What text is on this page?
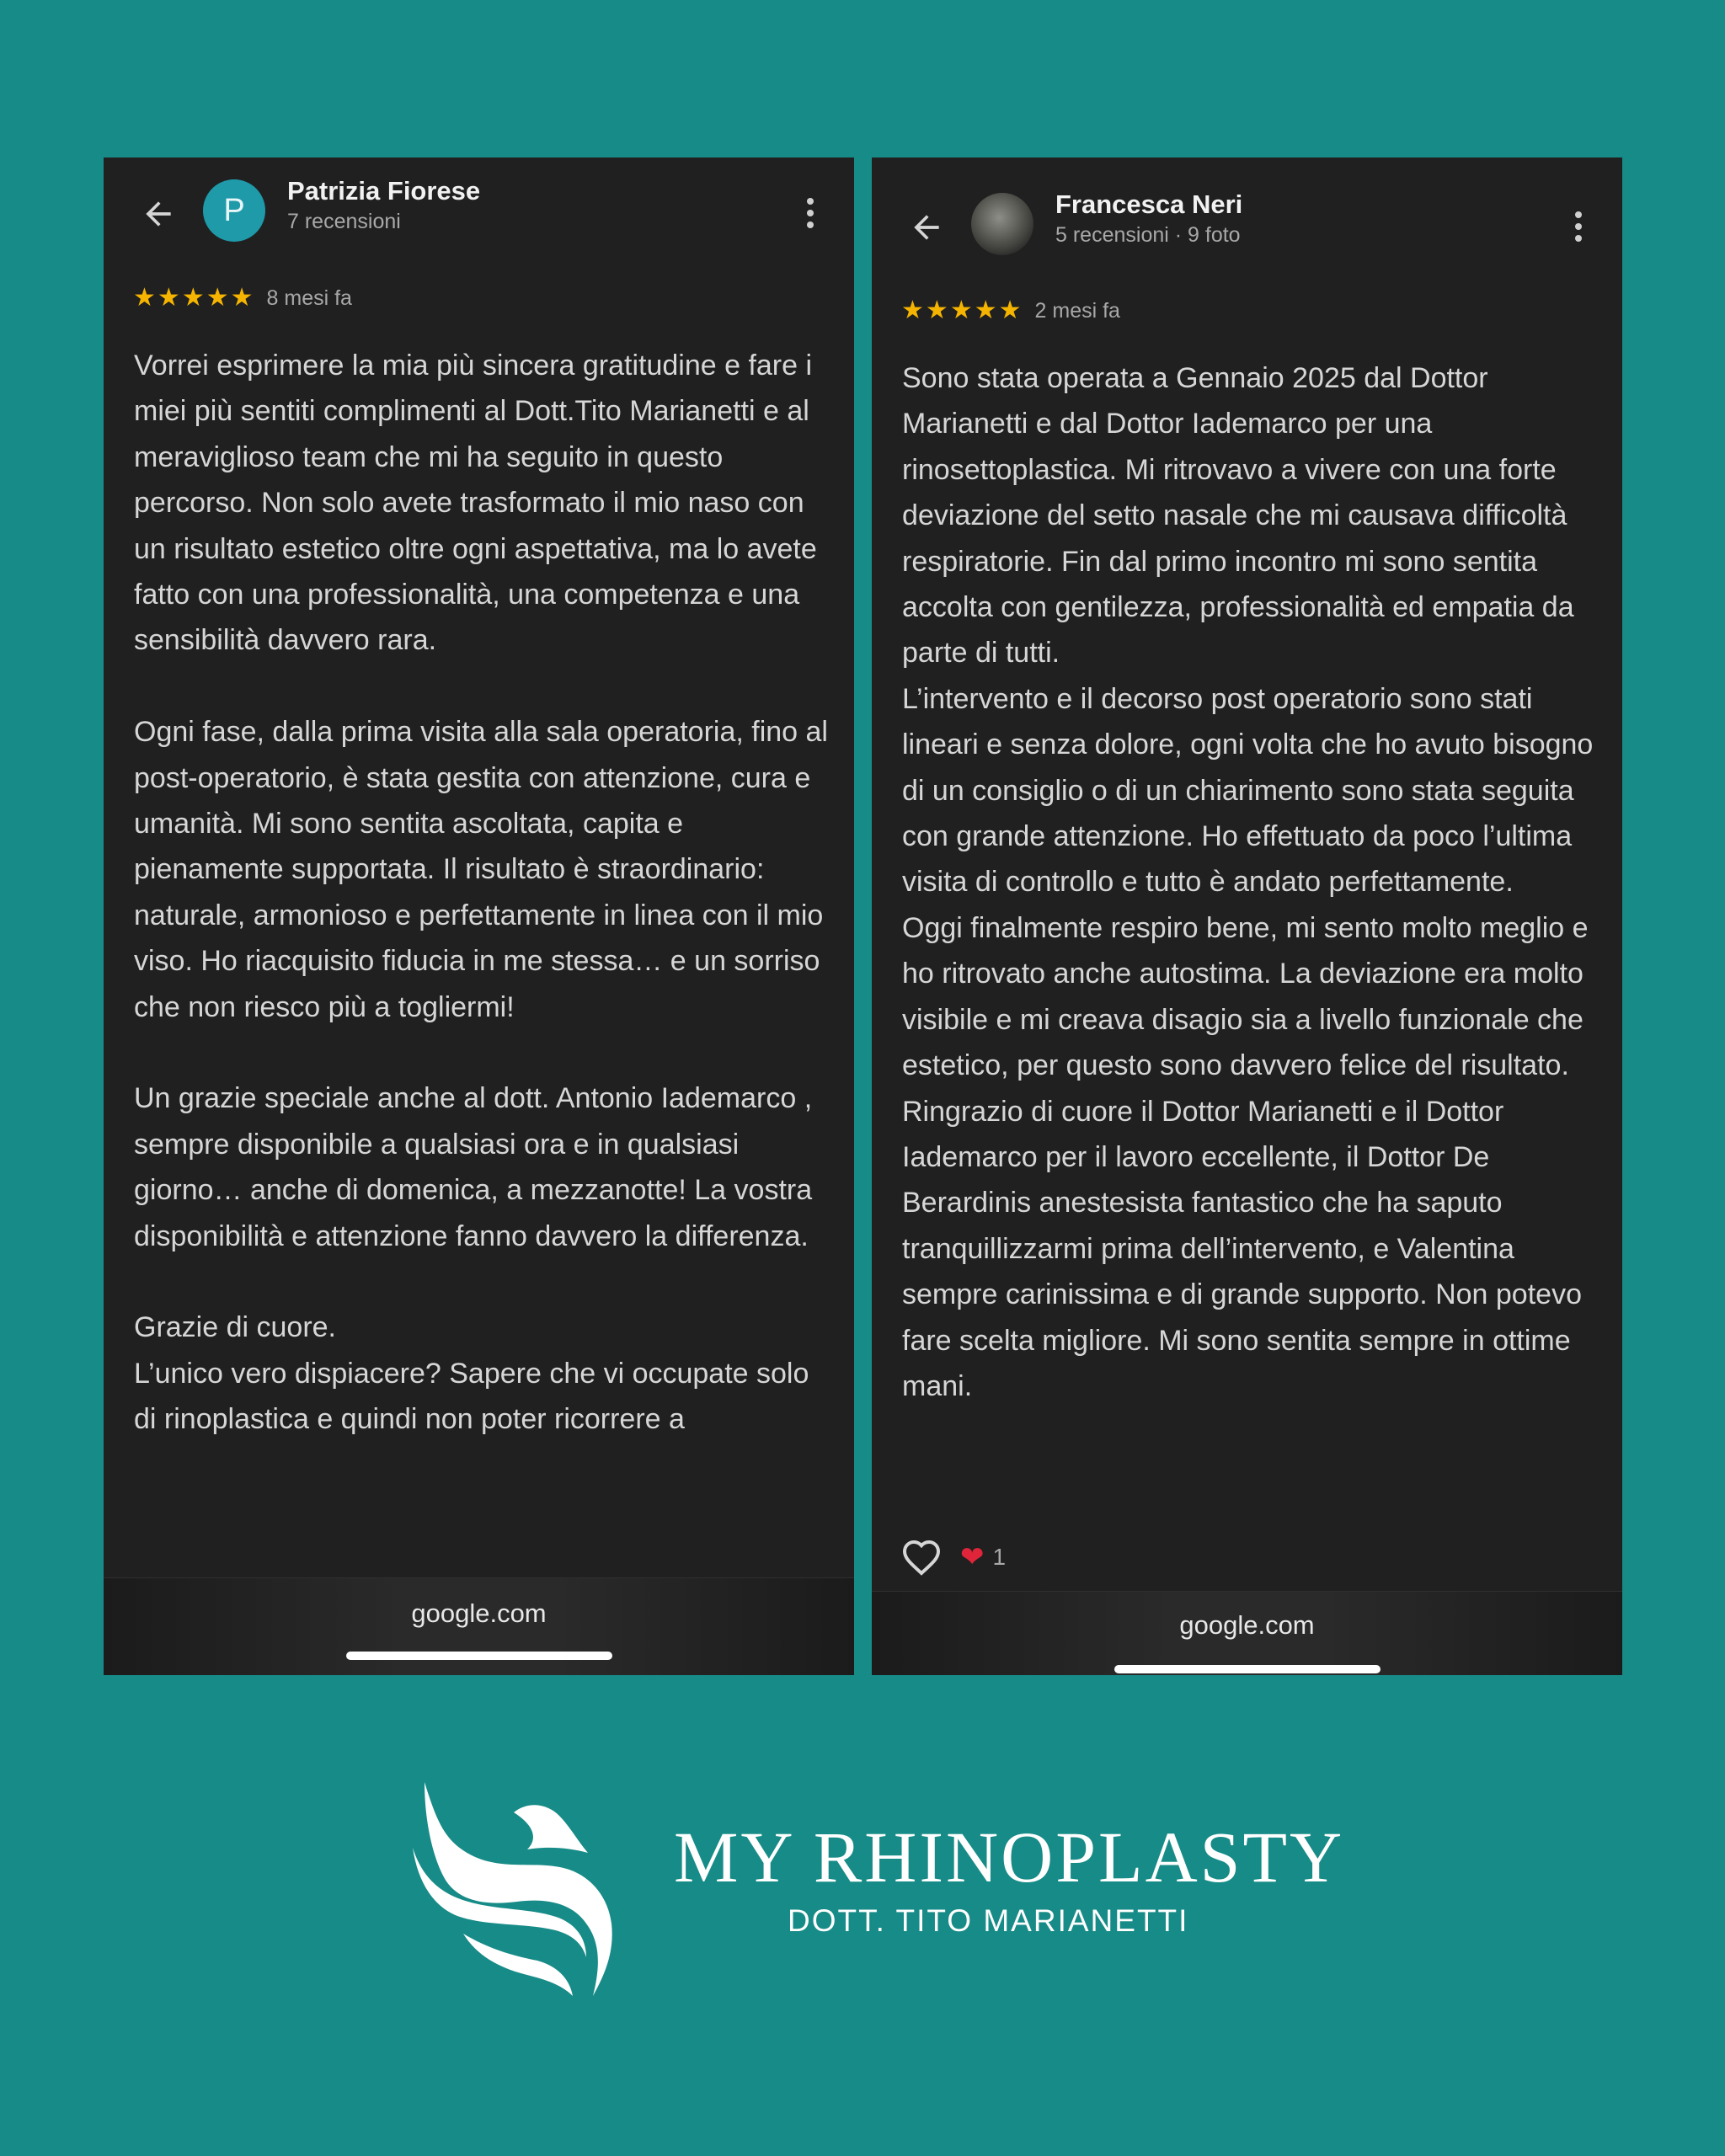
P
Patrizia Fiorese
7 recensioni
★ ★ ★ ★ ★ 8 mesi fa

Vorrei esprimere la mia più sincera gratitudine e fare i miei più sentiti complimenti al Dott.Tito Marianetti e al meraviglioso team che mi ha seguito in questo percorso. Non solo avete trasformato il mio naso con un risultato estetico oltre ogni aspettativa, ma lo avete fatto con una professionalità, una competenza e una sensibilità davvero rara.

Ogni fase, dalla prima visita alla sala operatoria, fino al post-operatorio, è stata gestita con attenzione, cura e umanità. Mi sono sentita ascoltata, capita e pienamente supportata. Il risultato è straordinario: naturale, armonioso e perfettamente in linea con il mio viso. Ho riacquisito fiducia in me stessa… e un sorriso che non riesco più a togliermi!

Un grazie speciale anche al dott. Antonio Iademarco , sempre disponibile a qualsiasi ora e in qualsiasi giorno… anche di domenica, a mezzanotte! La vostra disponibilità e attenzione fanno davvero la differenza.

Grazie di cuore.

L’unico vero dispiacere? Sapere che vi occupate solo di rinoplastica e quindi non poter ricorrere a

google.com
Francesca Neri
5 recensioni · 9 foto
★ ★ ★ ★ ★ 2 mesi fa

Sono stata operata a Gennaio 2025 dal Dottor Marianetti e dal Dottor Iademarco per una rinosettoplastica. Mi ritrovavo a vivere con una forte deviazione del setto nasale che mi causava difficoltà respiratorie. Fin dal primo incontro mi sono sentita accolta con gentilezza, professionalità ed empatia da parte di tutti.

L’intervento e il decorso post operatorio sono stati lineari e senza dolore, ogni volta che ho avuto bisogno di un consiglio o di un chiarimento sono stata seguita con grande attenzione. Ho effettuato da poco l’ultima visita di controllo e tutto è andato perfettamente.

Oggi finalmente respiro bene, mi sento molto meglio e ho ritrovato anche autostima. La deviazione era molto visibile e mi creava disagio sia a livello funzionale che estetico, per questo sono davvero felice del risultato.

Ringrazio di cuore il Dottor Marianetti e il Dottor Iademarco per il lavoro eccellente, il Dottor De Berardinis anestesista fantastico che ha saputo tranquillizzarmi prima dell’intervento, e Valentina sempre carinissima e di grande supporto. Non potevo fare scelta migliore. Mi sono sentita sempre in ottime mani.

❤ 1
google.com
MY RHINOPLASTY
DOTT. TITO MARIANETTI
